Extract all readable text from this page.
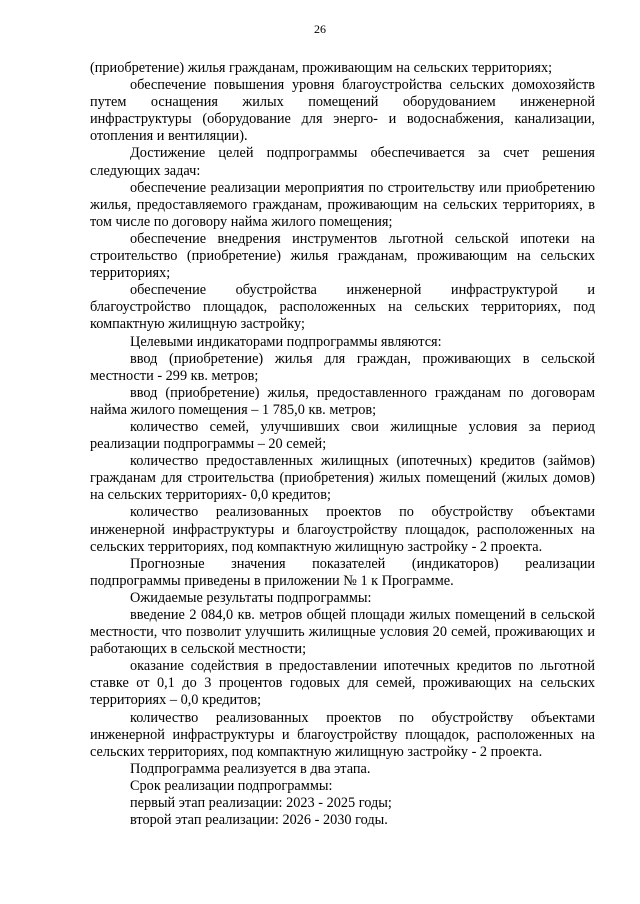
26

(приобретение) жилья гражданам, проживающим на сельских территориях;

обеспечение повышения уровня благоустройства сельских домохозяйств путем оснащения жилых помещений оборудованием инженерной инфраструктуры (оборудование для энерго- и водоснабжения, канализации, отопления и вентиляции).

Достижение целей подпрограммы обеспечивается за счет решения следующих задач:

обеспечение реализации мероприятия по строительству или приобретению жилья, предоставляемого гражданам, проживающим на сельских территориях, в том числе по договору найма жилого помещения;

обеспечение внедрения инструментов льготной сельской ипотеки на строительство (приобретение) жилья гражданам, проживающим на сельских территориях;

обеспечение обустройства инженерной инфраструктурой и благоустройство площадок, расположенных на сельских территориях, под компактную жилищную застройку;

Целевыми индикаторами подпрограммы являются:

ввод (приобретение) жилья для граждан, проживающих в сельской местности - 299 кв. метров;

ввод (приобретение) жилья, предоставленного гражданам по договорам найма жилого помещения – 1 785,0 кв. метров;

количество семей, улучшивших свои жилищные условия за период реализации подпрограммы – 20 семей;

количество предоставленных жилищных (ипотечных) кредитов (займов) гражданам для строительства (приобретения) жилых помещений (жилых домов) на сельских территориях- 0,0 кредитов;

количество реализованных проектов по обустройству объектами инженерной инфраструктуры и благоустройству площадок, расположенных на сельских территориях, под компактную жилищную застройку - 2 проекта.

Прогнозные значения показателей (индикаторов) реализации подпрограммы приведены в приложении № 1 к Программе.

Ожидаемые результаты подпрограммы:

введение 2 084,0 кв. метров общей площади жилых помещений в сельской местности, что позволит улучшить жилищные условия 20 семей, проживающих и работающих в сельской местности;

оказание содействия в предоставлении ипотечных кредитов по льготной ставке от 0,1 до 3 процентов годовых для семей, проживающих на сельских территориях – 0,0 кредитов;

количество реализованных проектов по обустройству объектами инженерной инфраструктуры и благоустройству площадок, расположенных на сельских территориях, под компактную жилищную застройку - 2 проекта.

Подпрограмма реализуется в два этапа.

Срок реализации подпрограммы:

первый этап реализации: 2023 - 2025 годы;

второй этап реализации: 2026 - 2030 годы.
